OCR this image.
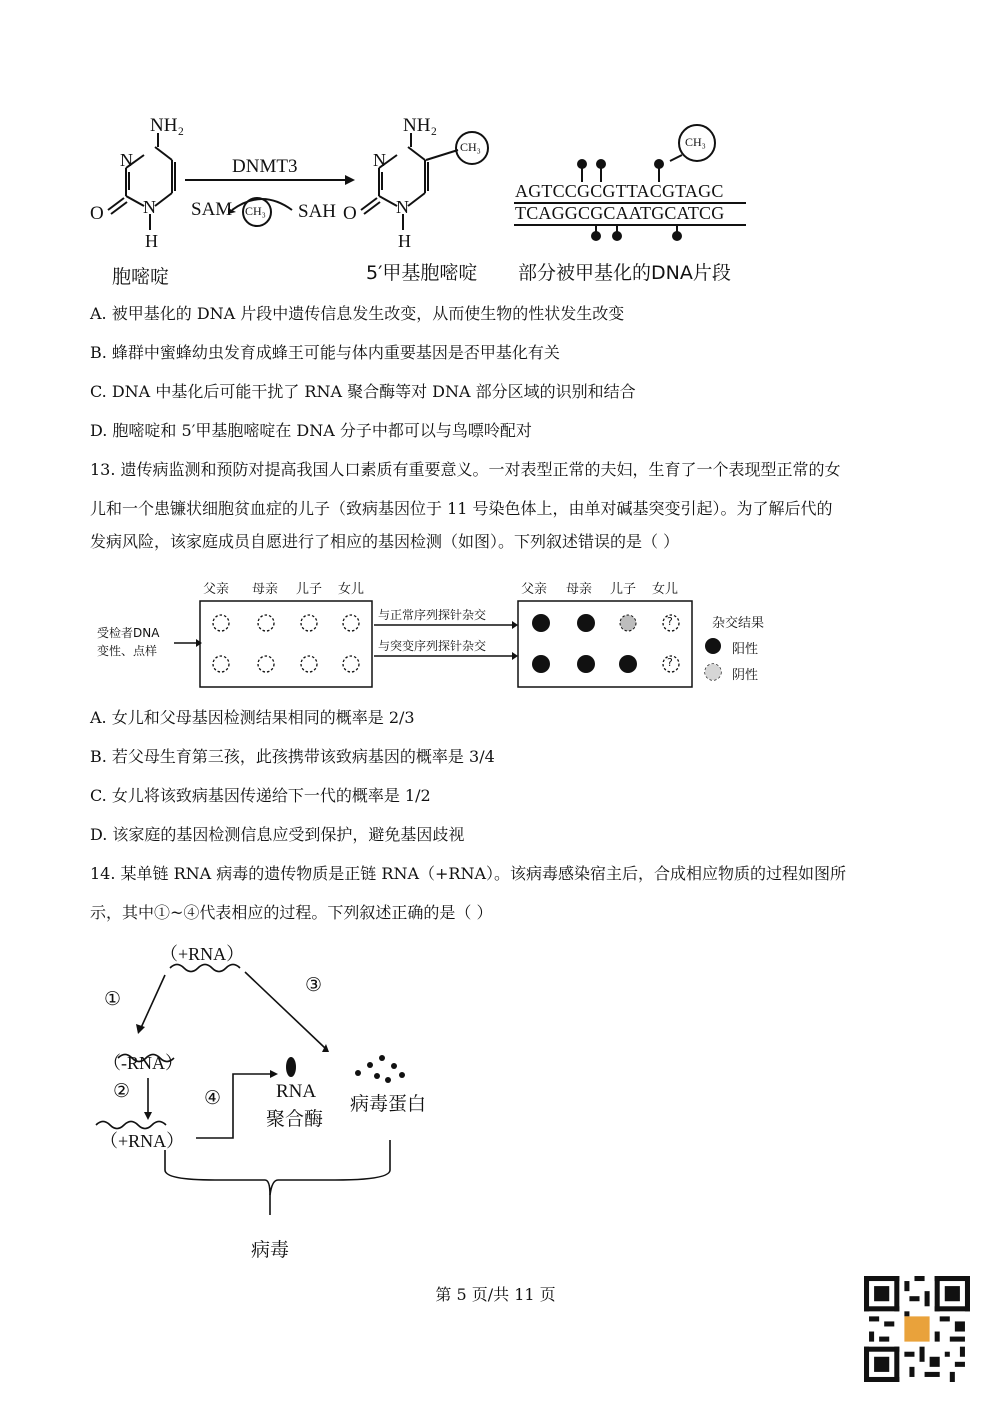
NH₂
N
N
O
H
DNMT3
SAM CH₃ SAH
NH₂
N
N
O
H
CH₃	CH₃
AGTCCGCGTTACGTAGC
TCAGGCGCAATGCATCG
胞嘧啶	5′甲基胞嘧啶 部分被甲基化的DNA片段
A. 被甲基化的 DNA 片段中遗传信息发生改变，从而使生物的性状发生改变
B. 蜂群中蜜蜂幼虫发育成蜂王可能与体内重要基因是否甲基化有关
C. DNA 中基化后可能干扰了 RNA 聚合酶等对 DNA 部分区域的识别和结合
D. 胞嘧啶和 5′甲基胞嘧啶在 DNA 分子中都可以与鸟嘌呤配对
13. 遗传病监测和预防对提高我国人口素质有重要意义。一对表型正常的夫妇，生育了一个表现型正常的女
儿和一个患镰状细胞贫血症的儿子（致病基因位于 11 号染色体上，由单对碱基突变引起）。为了解后代的
发病风险，该家庭成员自愿进行了相应的基因检测（如图）。下列叙述错误的是（ ）
父亲 母亲 儿子 女儿	父亲 母亲 儿子 女儿
受检者DNA
变性、点样
与正常序列探针杂交
与突变序列探针杂交
?
?
杂交结果
阳性
阴性
A. 女儿和父母基因检测结果相同的概率是 2/3
B. 若父母生育第三孩，此孩携带该致病基因的概率是 3/4
C. 女儿将该致病基因传递给下一代的概率是 1/2
D. 该家庭的基因检测信息应受到保护，避免基因歧视
14. 某单链 RNA 病毒的遗传物质是正链 RNA（+RNA）。该病毒感染宿主后，合成相应物质的过程如图所
示，其中①~④代表相应的过程。下列叙述正确的是（ ）
（+RNA）
（-RNA）
（+RNA）
①
②
③
④	RNA
聚合酶
病毒蛋白
病毒
第 5 页/共 11 页
